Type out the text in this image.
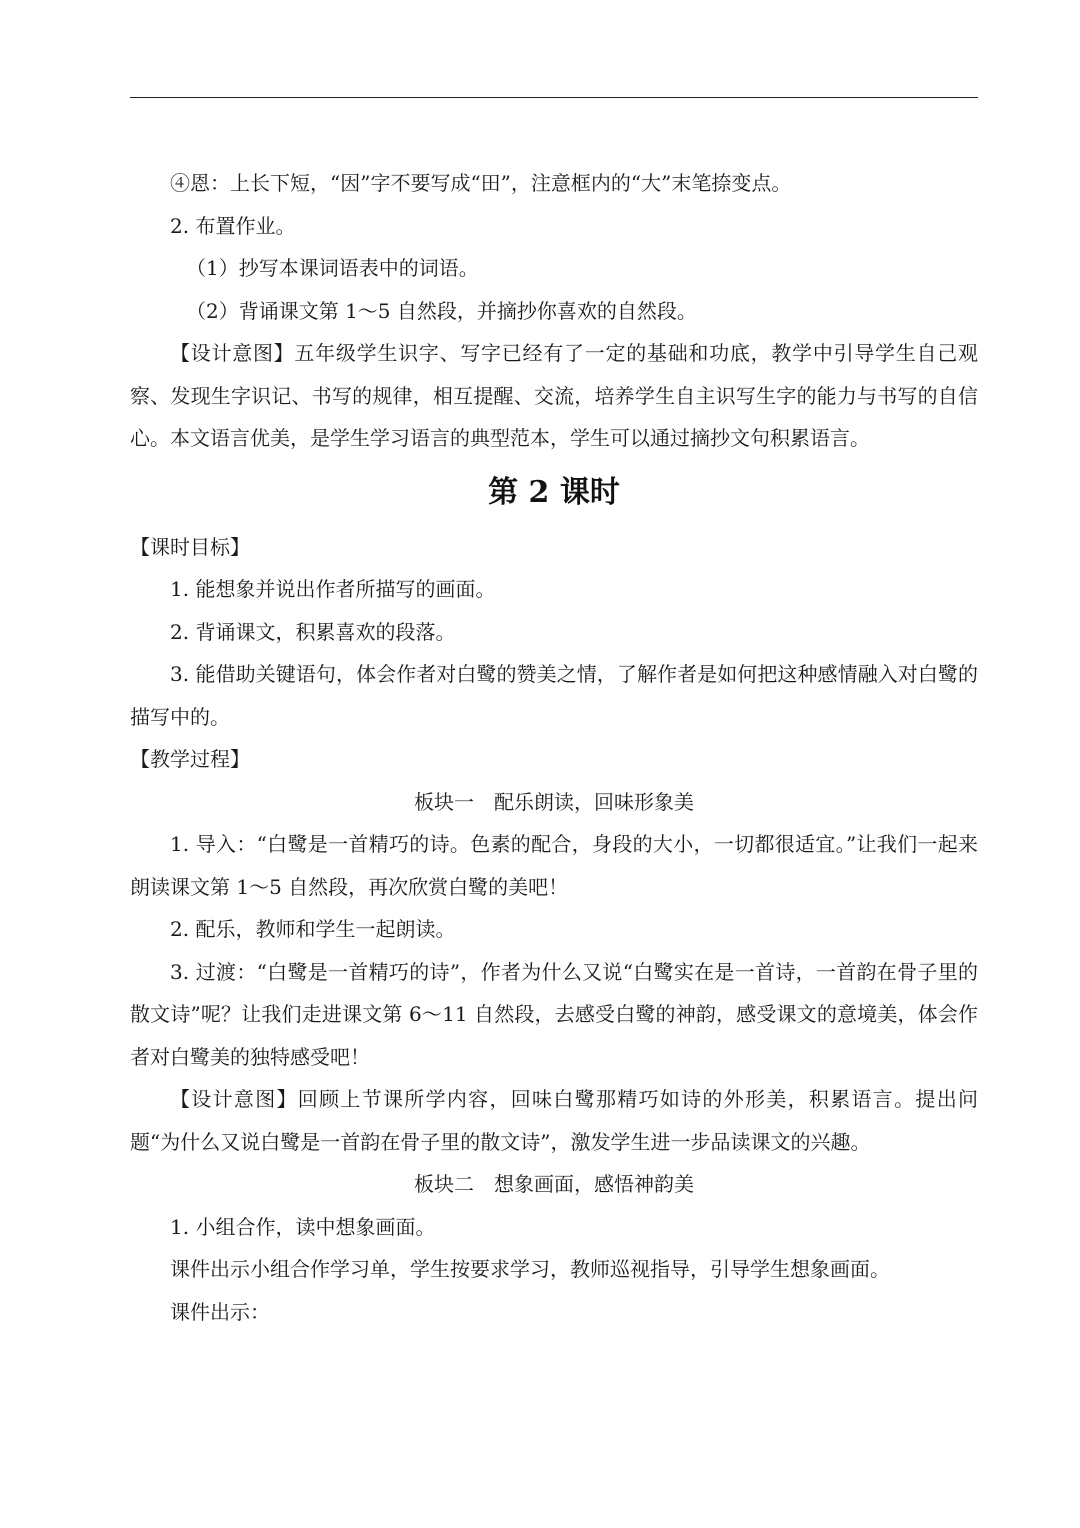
④恩：上长下短，“因”字不要写成“田”，注意框内的“大”末笔捺变点。

2. 布置作业。

（1）抄写本课词语表中的词语。

（2）背诵课文第 1～5 自然段，并摘抄你喜欢的自然段。

【设计意图】五年级学生识字、写字已经有了一定的基础和功底，教学中引导学生自己观察、发现生字识记、书写的规律，相互提醒、交流，培养学生自主识写生字的能力与书写的自信心。本文语言优美，是学生学习语言的典型范本，学生可以通过摘抄文句积累语言。

第 2 课时

【课时目标】

1. 能想象并说出作者所描写的画面。

2. 背诵课文，积累喜欢的段落。

3. 能借助关键语句，体会作者对白鹭的赞美之情，了解作者是如何把这种感情融入对白鹭的描写中的。

【教学过程】

板块一　配乐朗读，回味形象美

1. 导入：“白鹭是一首精巧的诗。色素的配合，身段的大小，一切都很适宜。”让我们一起来朗读课文第 1～5 自然段，再次欣赏白鹭的美吧！

2. 配乐，教师和学生一起朗读。

3. 过渡：“白鹭是一首精巧的诗”，作者为什么又说“白鹭实在是一首诗，一首韵在骨子里的散文诗”呢？让我们走进课文第 6～11 自然段，去感受白鹭的神韵，感受课文的意境美，体会作者对白鹭美的独特感受吧！

【设计意图】回顾上节课所学内容，回味白鹭那精巧如诗的外形美，积累语言。提出问题“为什么又说白鹭是一首韵在骨子里的散文诗”，激发学生进一步品读课文的兴趣。

板块二　想象画面，感悟神韵美

1. 小组合作，读中想象画面。

课件出示小组合作学习单，学生按要求学习，教师巡视指导，引导学生想象画面。

课件出示：
